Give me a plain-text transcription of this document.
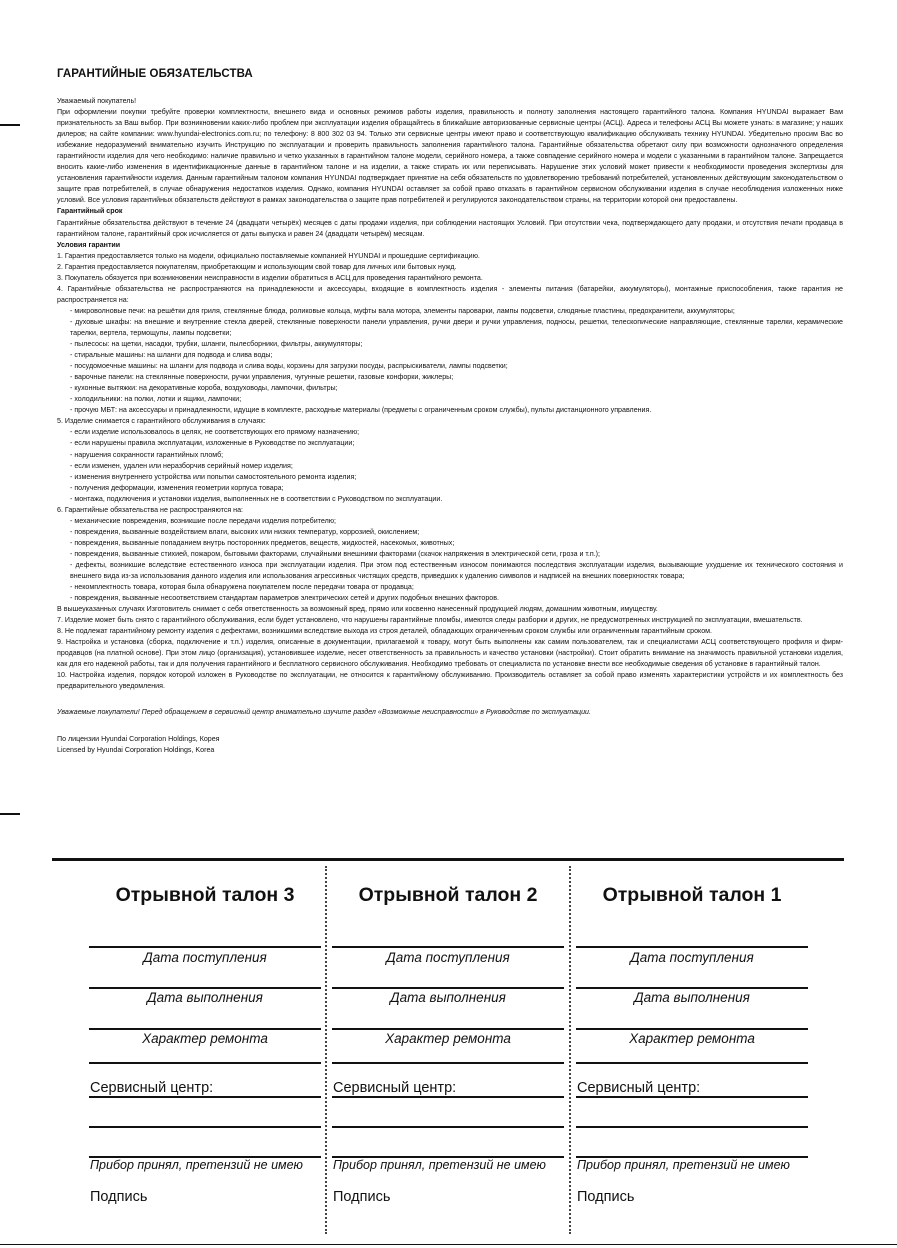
ГАРАНТИЙНЫЕ ОБЯЗАТЕЛЬСТВА

Уважаемый покупатель!

При оформлении покупки требуйте проверки комплектности, внешнего вида и основных режимов работы изделия, правильность и полноту заполнения настоящего гарантийного талона. Компания HYUNDAI выражает Вам признательность за Ваш выбор. При возникновении каких-либо проблем при эксплуатации изделия обращайтесь в ближайшие авторизованные сервисные центры (АСЦ). Адреса и телефоны АСЦ Вы можете узнать: в магазине; у наших дилеров; на сайте компании: www.hyundai-electronics.com.ru; по телефону: 8 800 302 03 94. Только эти сервисные центры имеют право и соответствующую квалификацию обслуживать технику HYUNDAI. Убедительно просим Вас во избежание недоразумений внимательно изучить Инструкцию по эксплуатации и проверить правильность заполнения гарантийного талона. Гарантийные обязательства обретают силу при возможности однозначного определения гарантийности изделия для чего необходимо: наличие правильно и четко указанных в гарантийном талоне модели, серийного номера, а также совпадение серийного номера и модели с указанными в гарантийном талоне. Запрещается вносить какие-либо изменения в идентификационные данные в гарантийном талоне и на изделии, а также стирать их или переписывать. Нарушение этих условий может привести к необходимости проведения экспертизы для установления гарантийности изделия. Данным гарантийным талоном компания HYUNDAI подтверждает принятие на себя обязательств по удовлетворению требований потребителей, установленных действующим законодательством о защите прав потребителей, в случае обнаружения недостатков изделия. Однако, компания HYUNDAI оставляет за собой право отказать в гарантийном сервисном обслуживании изделия в случае несоблюдения изложенных ниже условий. Все условия гарантийных обязательств действуют в рамках законодательства о защите прав потребителей и регулируются законодательством страны, на территории которой они предоставлены.

Гарантийный срок

Гарантийные обязательства действуют в течение 24 (двадцати четырёх) месяцев с даты продажи изделия, при соблюдении настоящих Условий. При отсутствии чека, подтверждающего дату продажи, и отсутствия печати продавца в гарантийном талоне, гарантийный срок исчисляется от даты выпуска и равен 24 (двадцати четырём) месяцам.

Условия гарантии

1. Гарантия предоставляется только на модели, официально поставляемые компанией HYUNDAI и прошедшие сертификацию.

2. Гарантия предоставляется покупателям, приобретающим и использующим свой товар для личных или бытовых нужд.

3. Покупатель обязуется при возникновении неисправности в изделии обратиться в АСЦ для проведения гарантийного ремонта.

4. Гарантийные обязательства не распространяются на принадлежности и аксессуары, входящие в комплектность изделия - элементы питания (батарейки, аккумуляторы), монтажные приспособления, также гарантия не распространяется на:

- микроволновые печи: на решётки для гриля, стеклянные блюда, роликовые кольца, муфты вала мотора, элементы пароварки, лампы подсветки, слюдяные пластины, предохранители, аккумуляторы;

- духовые шкафы: на внешние и внутренние стекла дверей, стеклянные поверхности панели управления, ручки двери и ручки управления, подносы, решетки, телескопические направляющие, стеклянные тарелки, керамические тарелки, вертела, термощупы, лампы подсветки;

- пылесосы: на щетки, насадки, трубки, шланги, пылесборники, фильтры, аккумуляторы;

- стиральные машины: на шланги для подвода и слива воды;

- посудомоечные машины: на шланги для подвода и слива воды, корзины для загрузки посуды, распрыскиватели, лампы подсветки;

- варочные панели: на стеклянные поверхности, ручки управления, чугунные решетки, газовые конфорки, жиклеры;

- кухонные вытяжки: на декоративные короба, воздуховоды, лампочки, фильтры;

- холодильники: на полки, лотки и ящики, лампочки;

- прочую МБТ: на аксессуары и принадлежности, идущие в комплекте, расходные материалы (предметы с ограниченным сроком службы), пульты дистанционного управления.

5. Изделие снимается с гарантийного обслуживания в случаях:

- если изделие использовалось в целях, не соответствующих его прямому назначению;

- если нарушены правила эксплуатации, изложенные в Руководстве по эксплуатации;

- нарушения сохранности гарантийных пломб;

- если изменен, удален или неразборчив серийный номер изделия;

- изменения внутреннего устройства или попытки самостоятельного ремонта изделия;

- получения деформации, изменения геометрии корпуса товара;

- монтажа, подключения и установки изделия, выполненных не в соответствии с Руководством по эксплуатации.

6. Гарантийные обязательства не распространяются на:

- механические повреждения, возникшие после передачи изделия потребителю;

- повреждения, вызванные воздействием влаги, высоких или низких температур, коррозией, окислением;

- повреждения, вызванные попаданием внутрь посторонних предметов, веществ, жидкостей, насекомых, животных;

- повреждения, вызванные стихией, пожаром, бытовыми факторами, случайными внешними факторами (скачок напряжения в электрической сети, гроза и т.п.);

- дефекты, возникшие вследствие естественного износа при эксплуатации изделия. При этом под естественным износом понимаются последствия эксплуатации изделия, вызывающие ухудшение их технического состояния и внешнего вида из-за использования данного изделия или использования агрессивных чистящих средств, приведших к удалению символов и надписей на внешних поверхностях товара;

- некомплектность товара, которая была обнаружена покупателем после передачи товара от продавца;

- повреждения, вызванные несоответствием стандартам параметров электрических сетей и других подобных внешних факторов.

В вышеуказанных случаях Изготовитель снимает с себя ответственность за возможный вред, прямо или косвенно нанесенный продукцией людям, домашним животным, имуществу.

7. Изделие может быть снято с гарантийного обслуживания, если будет установлено, что нарушены гарантийные пломбы, имеются следы разборки и других, не предусмотренных инструкцией по эксплуатации, вмешательств.

8. Не подлежат гарантийному ремонту изделия с дефектами, возникшими вследствие выхода из строя деталей, обладающих ограниченным сроком службы или ограниченным гарантийным сроком.

9. Настройка и установка (сборка, подключение и т.п.) изделия, описанные в документации, прилагаемой к товару, могут быть выполнены как самим пользователем, так и специалистами АСЦ соответствующего профиля и фирм-продавцов (на платной основе). При этом лицо (организация), установившее изделие, несет ответственность за правильность и качество установки (настройки). Стоит обратить внимание на значимость правильной установки изделия, как для его надежной работы, так и для получения гарантийного и бесплатного сервисного обслуживания. Необходимо требовать от специалиста по установке внести все необходимые сведения об установке в гарантийный талон.

10. Настройка изделия, порядок которой изложен в Руководстве по эксплуатации, не относится к гарантийному обслуживанию. Производитель оставляет за собой право изменять характеристики устройств и их комплектность без предварительного уведомления.

Уважаемые покупатели! Перед обращением в сервисный центр внимательно изучите раздел «Возможные неисправности» в Руководстве по эксплуатации.

По лицензии Hyundai Corporation Holdings, Корея

Licensed by Hyundai Corporation Holdings, Korea

Отрывной талон 3
Дата поступления
Дата выполнения
Характер ремонта
Сервисный центр:
Прибор принял, претензий не имею
Подпись
Отрывной талон 2
Дата поступления
Дата выполнения
Характер ремонта
Сервисный центр:
Прибор принял, претензий не имею
Подпись
Отрывной талон 1
Дата поступления
Дата выполнения
Характер ремонта
Сервисный центр:
Прибор принял, претензий не имею
Подпись
